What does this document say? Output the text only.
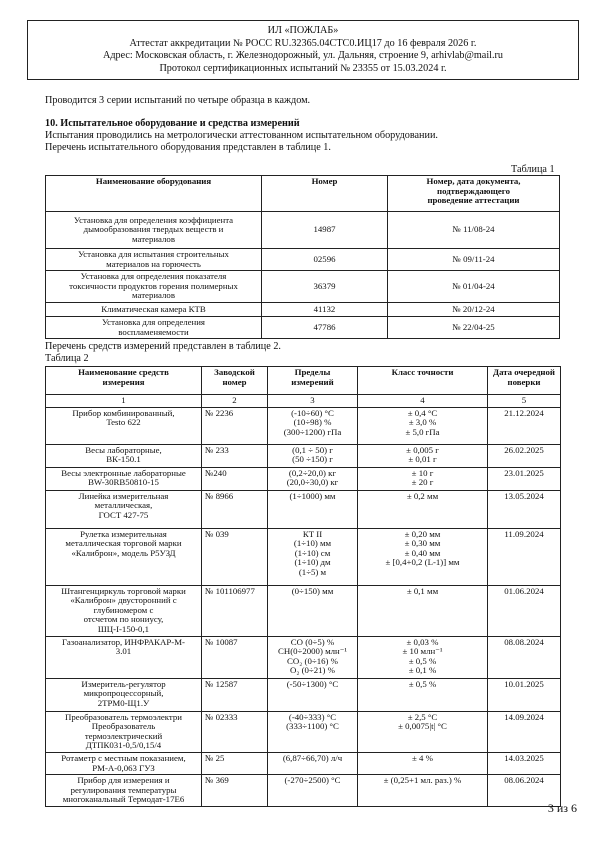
ИЛ «ПОЖЛАБ»
Аттестат аккредитации № РОСС RU.32365.04СТС0.ИЦ17 до 16 февраля 2026 г.
Адрес: Московская область, г. Железнодорожный, ул. Дальняя, строение 9, arhivlab@mail.ru
Протокол сертификационных испытаний № 23355 от 15.03.2024 г.
Проводится 3 серии испытаний по четыре образца в каждом.
10. Испытательное оборудование и средства измерений
Испытания проводились на метрологически аттестованном испытательном оборудовании.
Перечень испытательного оборудования представлен в таблице 1.
Таблица 1
Наименование оборудования	Номер	Номер, дата документа,
подтверждающего
проведение аттестации
Установка для определения коэффициента
дымообразования твердых веществ и
материалов	14987	№ 11/08-24
Установка для испытания строительных
материалов на горючесть	02596	№ 09/11-24
Установка для определения показателя
токсичности продуктов горения полимерных
материалов	36379	№ 01/04-24
Климатическая камера КТВ	41132	№ 20/12-24
Установка для определения
воспламеняемости	47786	№ 22/04-25
Перечень средств измерений представлен в таблице 2.
Таблица 2
Наименование средств
измерения	Заводской
номер	Пределы
измерений	Класс точности	Дата очередной
поверки
1	2	3	4	5
Прибор комбинированный,
Testo 622	№ 2236	(-10÷60) °C
(10÷98) %
(300÷1200) гПа	± 0,4 °C
± 3,0 %
± 5,0 гПа	21.12.2024
Весы лабораторные,
ВК-150.1	№ 233	(0,1 ÷ 50) г
(50 ÷150) г	± 0,005 г
± 0,01 г	26.02.2025
Весы электронные лабораторные
BW-30RB50810-15	№240	(0,2÷20,0) кг
(20,0÷30,0) кг	± 10 г
± 20 г	23.01.2025
Линейка измерительная
металлическая,
ГОСТ 427-75	№ 8966	(1÷1000) мм	± 0,2 мм	13.05.2024
Рулетка измерительная
металлическая торговой марки
«Калиброн», модель Р5УЗД	№ 039	КТ II
(1÷10) мм
(1÷10) см
(1÷10) дм
(1÷5) м	± 0,20 мм
± 0,30 мм
± 0,40 мм
± [0,4+0,2 (L-1)] мм	11.09.2024
Штангенциркуль торговой марки
«Калиброн» двусторонний с
глубиномером с
отсчетом по нониусу,
ШЦ-I-150-0,1	№ 101106977	(0÷150) мм	± 0,1 мм	01.06.2024
Газоанализатор, ИНФРАКАР-М-
3.01	№ 10087	CO (0÷5) %
CH(0÷2000) млн⁻¹
CO₂ (0÷16) %
O₂ (0÷21) %	± 0,03 %
± 10 млн⁻¹
± 0,5 %
± 0,1 %	08.08.2024
Измеритель-регулятор
микропроцессорный,
2ТРМ0-Щ1.У	№ 12587	(-50÷1300) °C	± 0,5 %	10.01.2025
Преобразователь термоэлектри
Преобразователь
термоэлектрический
ДТПК031-0,5/0,15/4	№ 02333	(-40÷333) °C
(333÷1100) °C	± 2,5 °C
± 0,0075|t| °C	14.09.2024
Ротаметр с местным показанием,
РМ-А-0,063 ГУЗ	№ 25	(6,87÷66,70) л/ч	± 4 %	14.03.2025
Прибор для измерения и
регулирования температуры
многоканальный Термодат-17Е6	№ 369	(-270÷2500) °C	± (0,25+1 мл. раз.) %	08.06.2024
3 из 6
